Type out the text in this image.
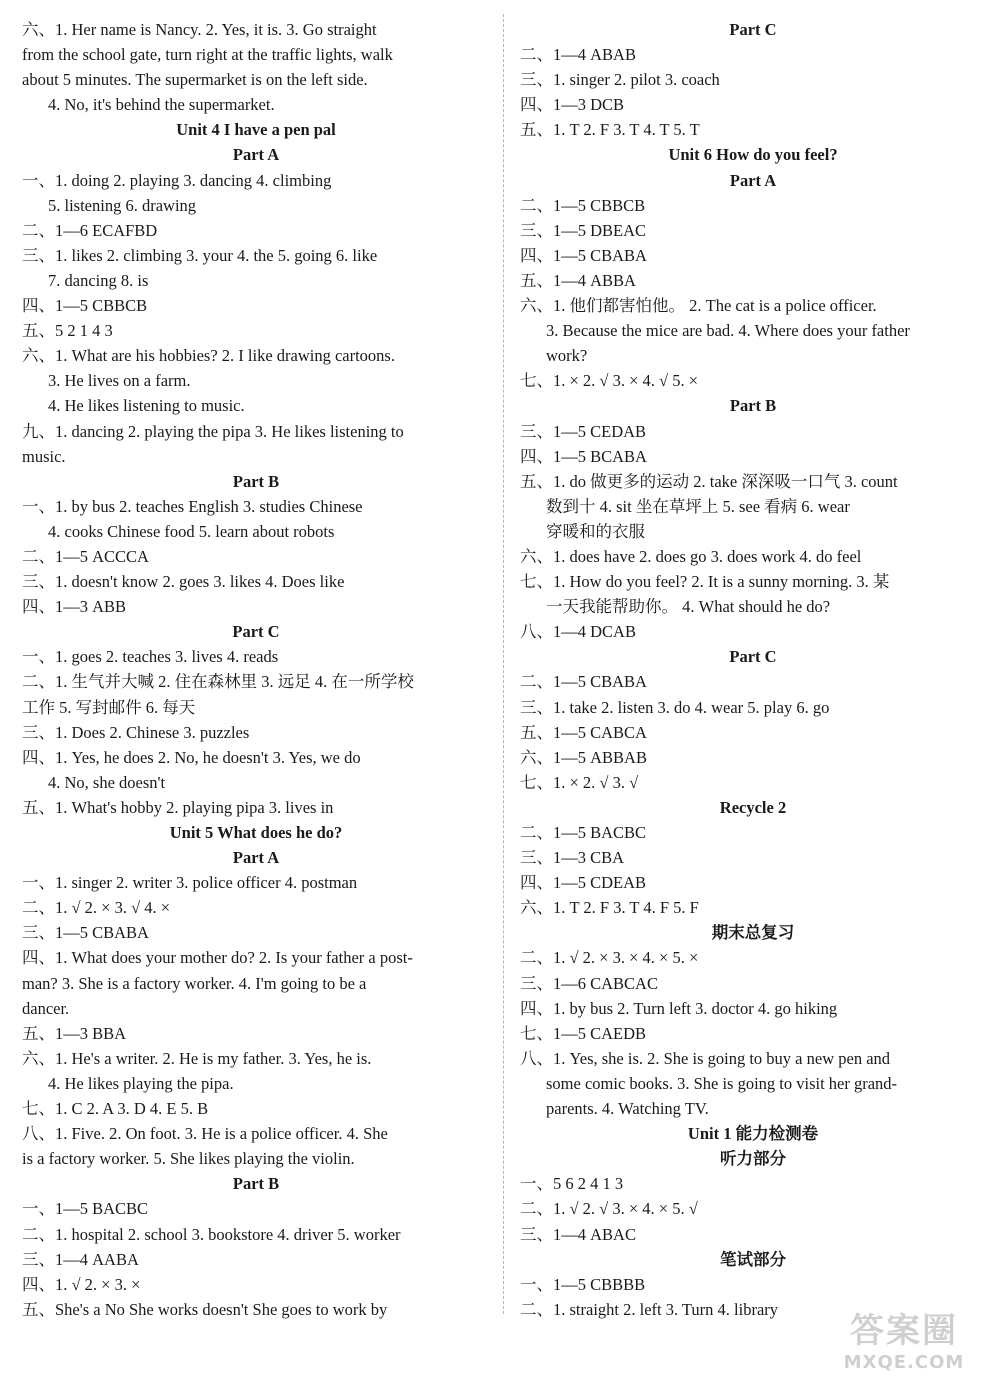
六、1. Her name is Nancy. 2. Yes, it is. 3. Go straight
from the school gate, turn right at the traffic lights, walk
about 5 minutes. The supermarket is on the left side.
4. No, it's behind the supermarket.
Unit 4 I have a pen pal
Part A
一、1. doing 2. playing 3. dancing 4. climbing
5. listening 6. drawing
二、1—6 ECAFBD
三、1. likes 2. climbing 3. your 4. the 5. going 6. like
7. dancing 8. is
四、1—5 CBBCB
五、5 2 1 4 3
六、1. What are his hobbies? 2. I like drawing cartoons.
3. He lives on a farm.
4. He likes listening to music.
九、1. dancing 2. playing the pipa 3. He likes listening to
music.
Part B
一、1. by bus 2. teaches English 3. studies Chinese
4. cooks Chinese food 5. learn about robots
二、1—5 ACCCA
三、1. doesn't know 2. goes 3. likes 4. Does like
四、1—3 ABB
Part C
一、1. goes 2. teaches 3. lives 4. reads
二、1. 生气并大喊 2. 住在森林里 3. 远足 4. 在一所学校
工作 5. 写封邮件 6. 每天
三、1. Does 2. Chinese 3. puzzles
四、1. Yes, he does 2. No, he doesn't 3. Yes, we do
4. No, she doesn't
五、1. What's hobby 2. playing pipa 3. lives in
Unit 5 What does he do?
Part A
一、1. singer 2. writer 3. police officer 4. postman
二、1. √ 2. × 3. √ 4. ×
三、1—5 CBABA
四、1. What does your mother do? 2. Is your father a post-
man? 3. She is a factory worker. 4. I'm going to be a
dancer.
五、1—3 BBA
六、1. He's a writer. 2. He is my father. 3. Yes, he is.
4. He likes playing the pipa.
七、1. C 2. A 3. D 4. E 5. B
八、1. Five. 2. On foot. 3. He is a police officer. 4. She
is a factory worker. 5. She likes playing the violin.
Part B
一、1—5 BACBC
二、1. hospital 2. school 3. bookstore 4. driver 5. worker
三、1—4 AABA
四、1. √ 2. × 3. ×
五、She's a No She works doesn't She goes to work by
Part C
二、1—4 ABAB
三、1. singer 2. pilot 3. coach
四、1—3 DCB
五、1. T 2. F 3. T 4. T 5. T
Unit 6 How do you feel?
Part A
二、1—5 CBBCB
三、1—5 DBEAC
四、1—5 CBABA
五、1—4 ABBA
六、1. 他们都害怕他。 2. The cat is a police officer.
3. Because the mice are bad. 4. Where does your father
work?
七、1. × 2. √ 3. × 4. √ 5. ×
Part B
三、1—5 CEDAB
四、1—5 BCABA
五、1. do 做更多的运动 2. take 深深吸一口气 3. count
数到十 4. sit 坐在草坪上 5. see 看病 6. wear
穿暖和的衣服
六、1. does have 2. does go 3. does work 4. do feel
七、1. How do you feel? 2. It is a sunny morning. 3. 某
一天我能帮助你。 4. What should he do?
八、1—4 DCAB
Part C
二、1—5 CBABA
三、1. take 2. listen 3. do 4. wear 5. play 6. go
五、1—5 CABCA
六、1—5 ABBAB
七、1. × 2. √ 3. √
Recycle 2
二、1—5 BACBC
三、1—3 CBA
四、1—5 CDEAB
六、1. T 2. F 3. T 4. F 5. F
期末总复习
二、1. √ 2. × 3. × 4. × 5. ×
三、1—6 CABCAC
四、1. by bus 2. Turn left 3. doctor 4. go hiking
七、1—5 CAEDB
八、1. Yes, she is. 2. She is going to buy a new pen and
some comic books. 3. She is going to visit her grand-
parents. 4. Watching TV.
Unit 1 能力检测卷
听力部分
一、5 6 2 4 1 3
二、1. √ 2. √ 3. × 4. × 5. √
三、1—4 ABAC
笔试部分
一、1—5 CBBBB
二、1. straight 2. left 3. Turn 4. library
答案圈
MXQE.COM
